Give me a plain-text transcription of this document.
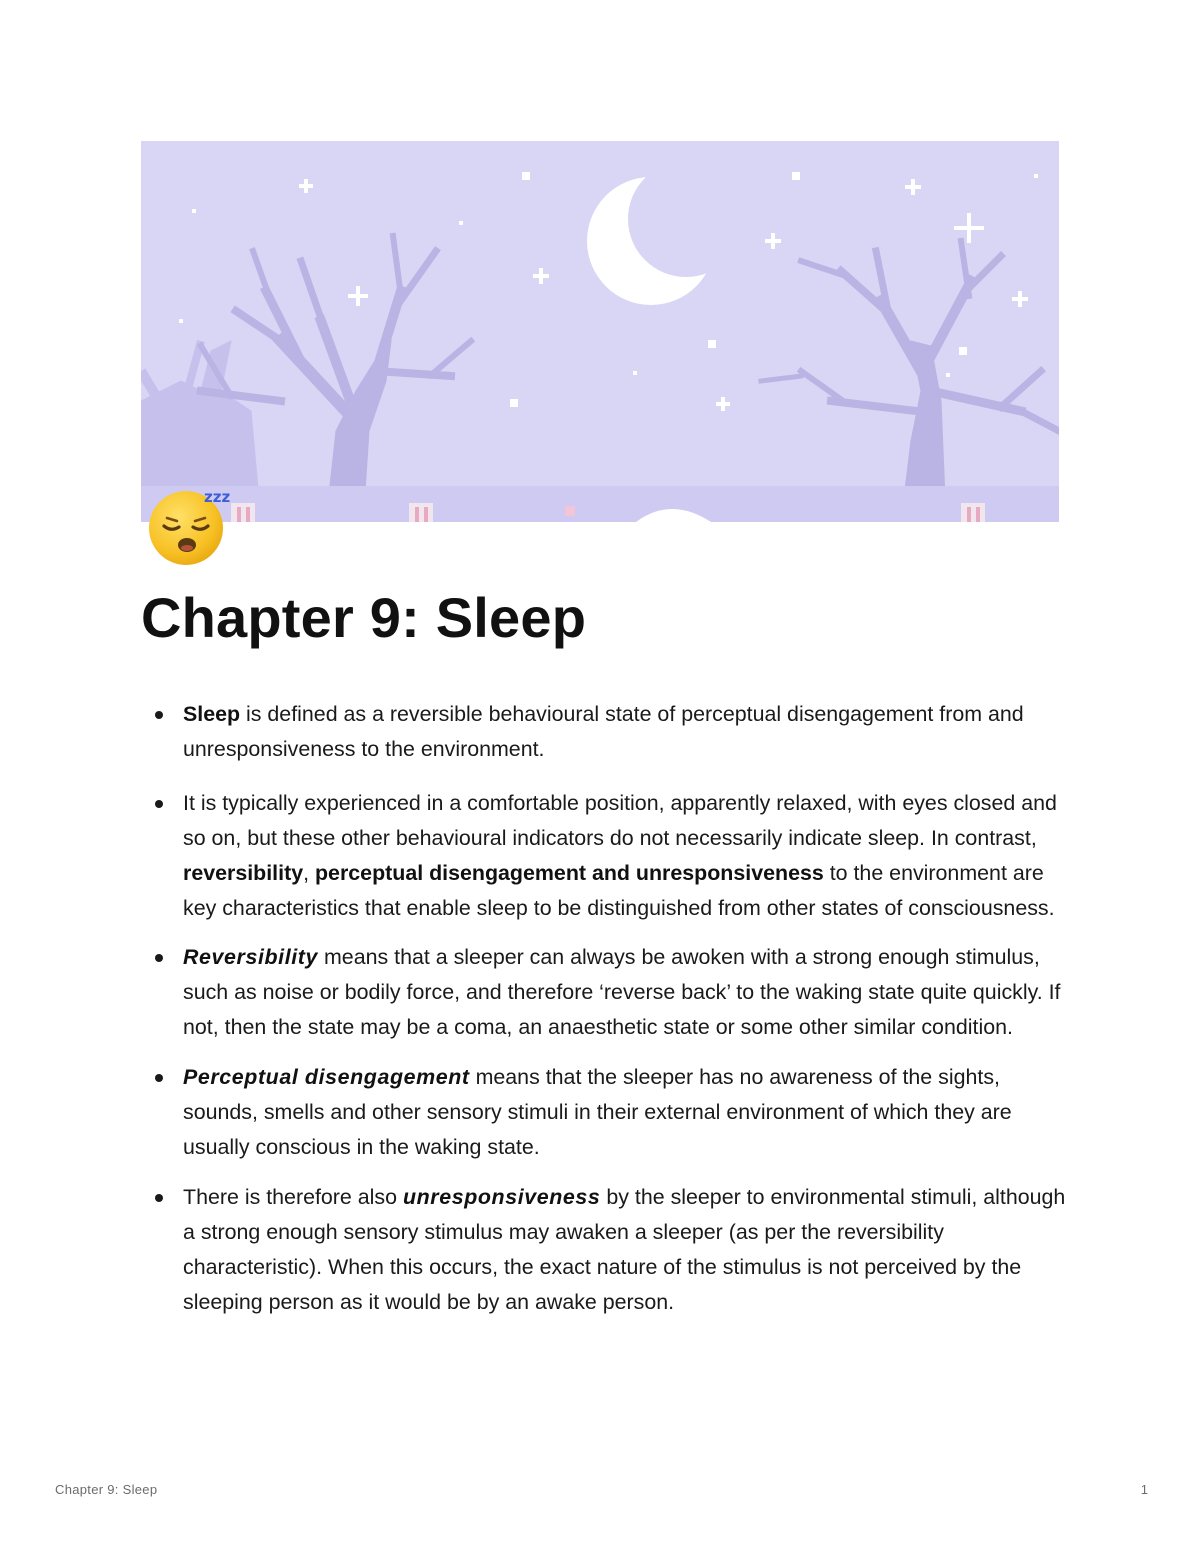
zzz
Chapter 9: Sleep
Sleep is defined as a reversible behavioural state of perceptual disengagement from and unresponsiveness to the environment.
It is typically experienced in a comfortable position, apparently relaxed, with eyes closed and so on, but these other behavioural indicators do not necessarily indicate sleep. In contrast, reversibility, perceptual disengagement and unresponsiveness to the environment are key characteristics that enable sleep to be distinguished from other states of consciousness.
Reversibility means that a sleeper can always be awoken with a strong enough stimulus, such as noise or bodily force, and therefore ‘reverse back’ to the waking state quite quickly. If not, then the state may be a coma, an anaesthetic state or some other similar condition.
Perceptual disengagement means that the sleeper has no awareness of the sights, sounds, smells and other sensory stimuli in their external environment of which they are usually conscious in the waking state.
There is therefore also unresponsiveness by the sleeper to environmental stimuli, although a strong enough sensory stimulus may awaken a sleeper (as per the reversibility characteristic). When this occurs, the exact nature of the stimulus is not perceived by the sleeping person as it would be by an awake person.
Chapter 9: Sleep	1
